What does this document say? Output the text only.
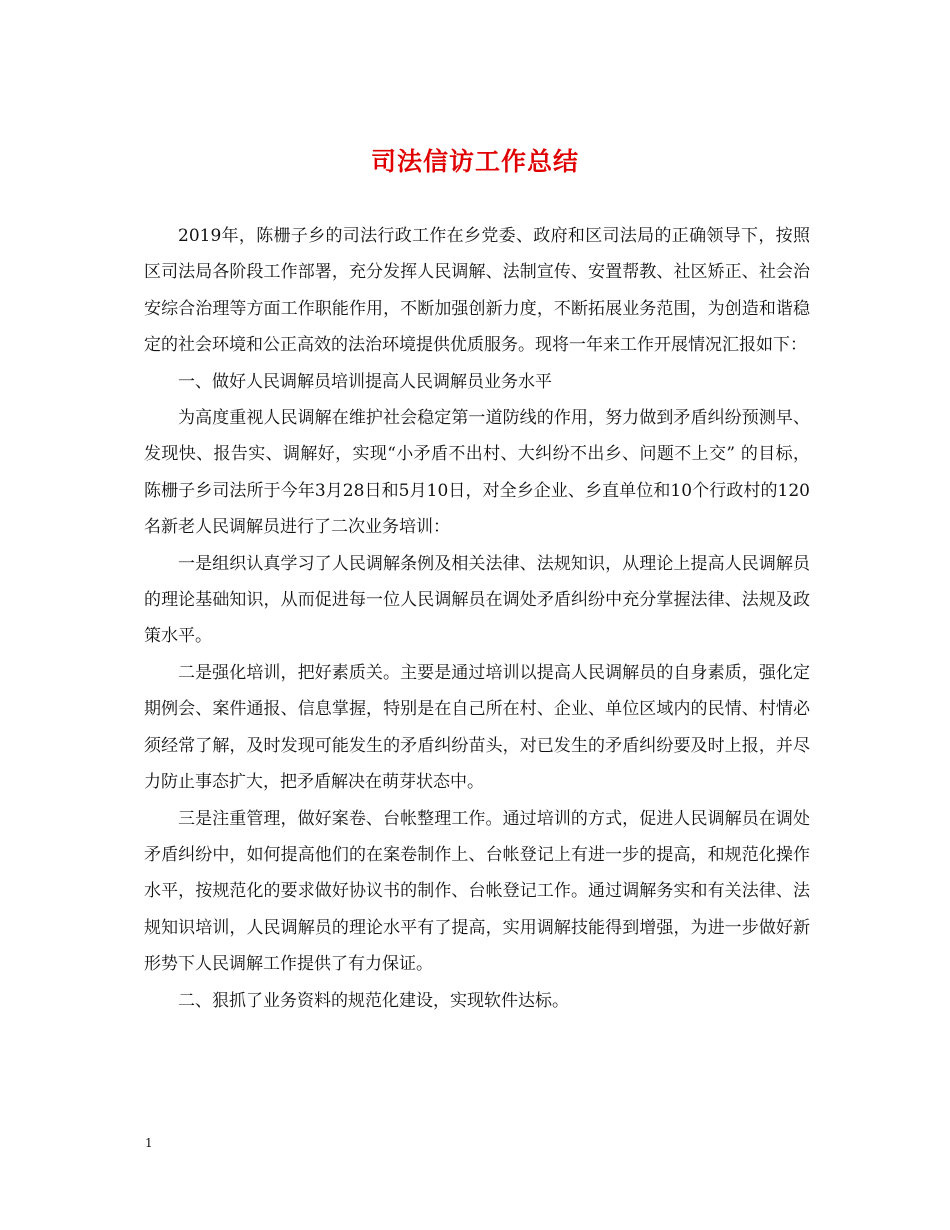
司法信访工作总结

2019年，陈栅子乡的司法行政工作在乡党委、政府和区司法局的正确领导下，按照区司法局各阶段工作部署，充分发挥人民调解、法制宣传、安置帮教、社区矫正、社会治安综合治理等方面工作职能作用，不断加强创新力度，不断拓展业务范围，为创造和谐稳定的社会环境和公正高效的法治环境提供优质服务。现将一年来工作开展情况汇报如下：

一、做好人民调解员培训提高人民调解员业务水平

为高度重视人民调解在维护社会稳定第一道防线的作用，努力做到矛盾纠纷预测早、发现快、报告实、调解好，实现“小矛盾不出村、大纠纷不出乡、问题不上交” 的目标，陈栅子乡司法所于今年3月28日和5月10日，对全乡企业、乡直单位和10个行政村的120名新老人民调解员进行了二次业务培训：

一是组织认真学习了人民调解条例及相关法律、法规知识，从理论上提高人民调解员的理论基础知识，从而促进每一位人民调解员在调处矛盾纠纷中充分掌握法律、法规及政策水平。

二是强化培训，把好素质关。主要是通过培训以提高人民调解员的自身素质，强化定期例会、案件通报、信息掌握，特别是在自己所在村、企业、单位区域内的民情、村情必须经常了解，及时发现可能发生的矛盾纠纷苗头，对已发生的矛盾纠纷要及时上报，并尽力防止事态扩大，把矛盾解决在萌芽状态中。

三是注重管理，做好案卷、台帐整理工作。通过培训的方式，促进人民调解员在调处矛盾纠纷中，如何提高他们的在案卷制作上、台帐登记上有进一步的提高，和规范化操作水平，按规范化的要求做好协议书的制作、台帐登记工作。通过调解务实和有关法律、法规知识培训，人民调解员的理论水平有了提高，实用调解技能得到增强，为进一步做好新形势下人民调解工作提供了有力保证。

二、狠抓了业务资料的规范化建设，实现软件达标。

1
